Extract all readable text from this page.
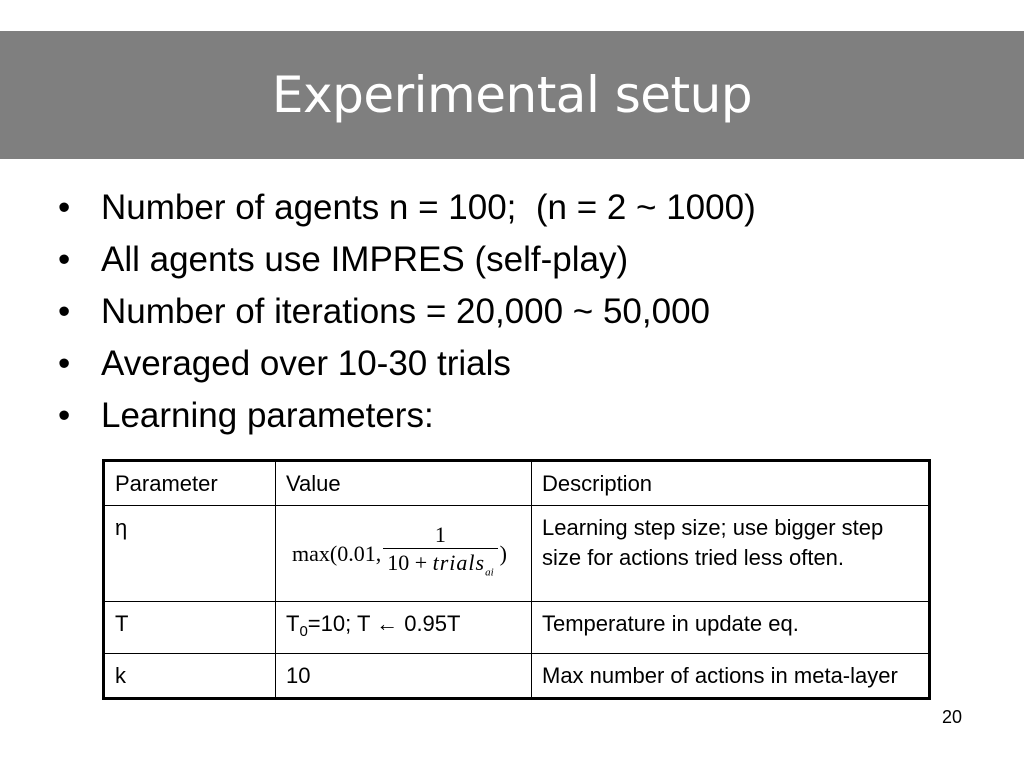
Experimental setup
• Number of agents n = 100;  (n = 2 ~ 1000)
• All agents use IMPRES (self-play)
• Number of iterations = 20,000 ~ 50,000
• Averaged over 10-30 trials
• Learning parameters:
Parameter	Value	Description
η	max(0.01, $\frac{1}{10 + trials_{ai}}$ )	Learning step size; use bigger step size for actions tried less often.
T	$T_0=10$; T ← 0.95T	Temperature in update eq.
k	10	Max number of actions in meta-layer
20
